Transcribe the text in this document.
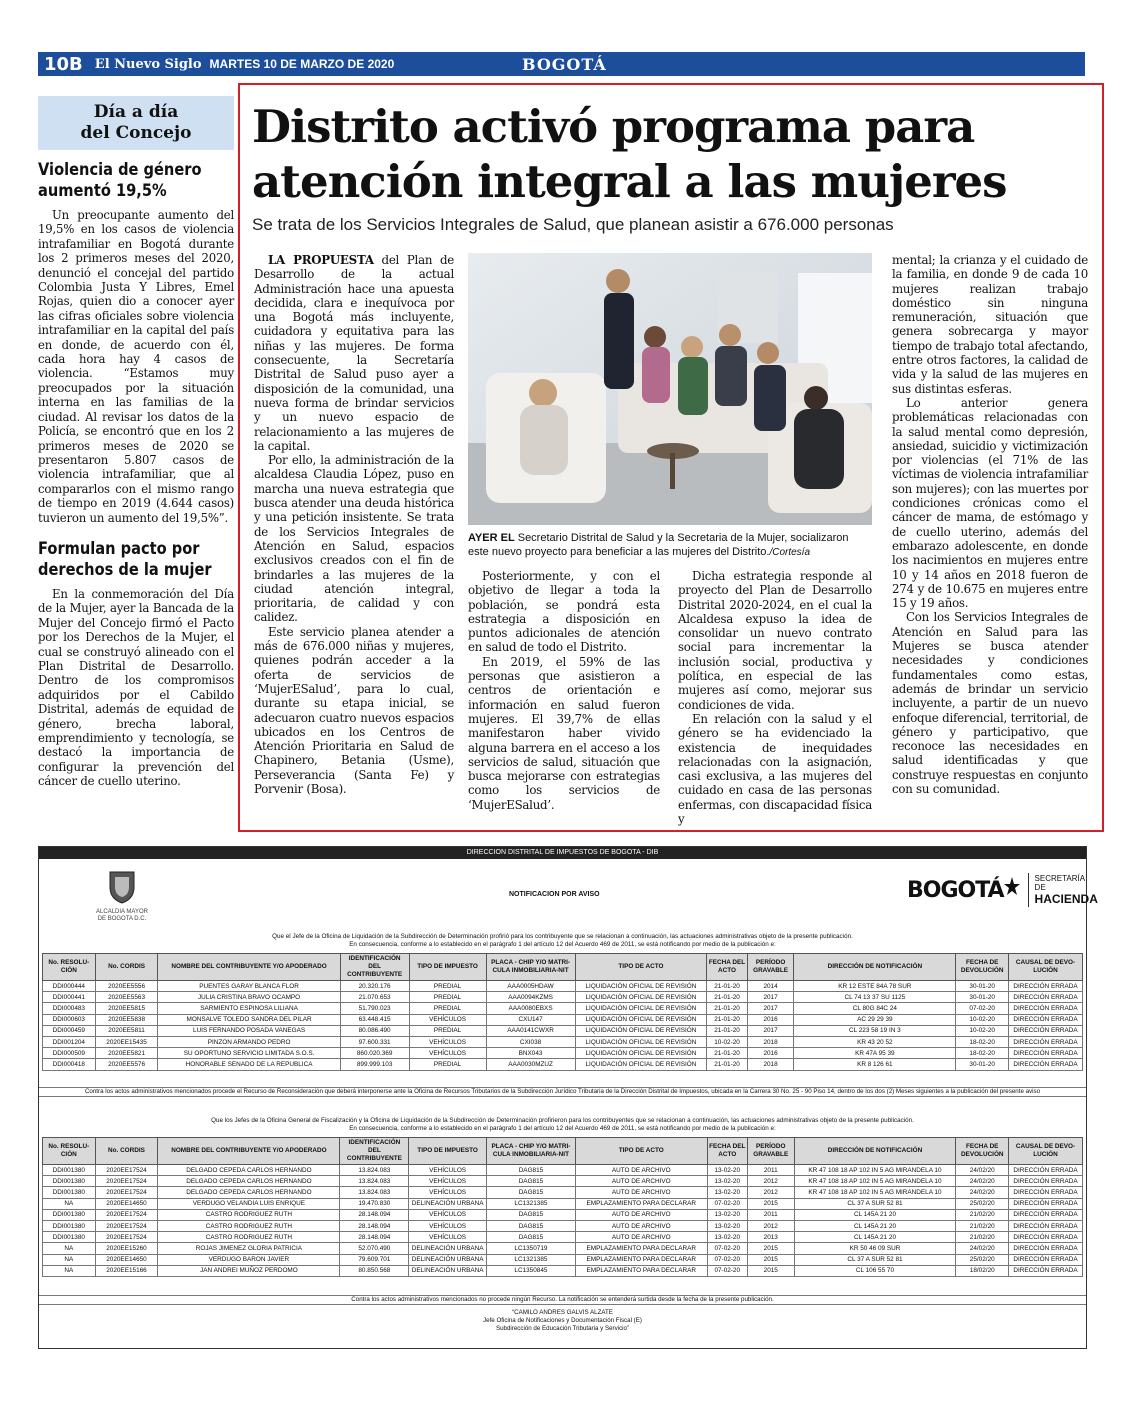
10B El Nuevo Siglo MARTES 10 DE MARZO DE 2020	BOGOTÁ
Día a día
del Concejo
Violencia de género aumentó 19,5%

Un preocupante aumento del 19,5% en los casos de violencia intrafamiliar en Bogotá durante los 2 primeros meses del 2020, denunció el concejal del partido Colombia Justa Y Libres, Emel Rojas, quien dio a conocer ayer las cifras oficiales sobre violencia intrafamiliar en la capital del país en donde, de acuerdo con él, cada hora hay 4 casos de violencia. “Estamos muy preocupados por la situación interna en las familias de la ciudad. Al revisar los datos de la Policía, se encontró que en los 2 primeros meses de 2020 se presentaron 5.807 casos de violencia intrafamiliar, que al compararlos con el mismo rango de tiempo en 2019 (4.644 casos) tuvieron un aumento del 19,5%”.

Formulan pacto por derechos de la mujer

En la conmemoración del Día de la Mujer, ayer la Bancada de la Mujer del Concejo firmó el Pacto por los Derechos de la Mujer, el cual se construyó alineado con el Plan Distrital de Desarrollo. Dentro de los compromisos adquiridos por el Cabildo Distrital, además de equidad de género, brecha laboral, emprendimiento y tecnología, se destacó la importancia de configurar la prevención del cáncer de cuello uterino.

Distrito activó programa para atención integral a las mujeres
Se trata de los Servicios Integrales de Salud, que planean asistir a 676.000 personas

LA PROPUESTA del Plan de Desarrollo de la actual Administración hace una apuesta decidida, clara e inequívoca por una Bogotá más incluyente, cuidadora y equitativa para las niñas y las mujeres. De forma consecuente, la Secretaría Distrital de Salud puso ayer a disposición de la comunidad, una nueva forma de brindar servicios y un nuevo espacio de relacionamiento a las mujeres de la capital.

Por ello, la administración de la alcaldesa Claudia López, puso en marcha una nueva estrategia que busca atender una deuda histórica y una petición insistente. Se trata de los Servicios Integrales de Atención en Salud, espacios exclusivos creados con el fin de brindarles a las mujeres de la ciudad atención integral, prioritaria, de calidad y con calidez.

Este servicio planea atender a más de 676.000 niñas y mujeres, quienes podrán acceder a la oferta de servicios de ‘MujerESalud’, para lo cual, durante su etapa inicial, se adecuaron cuatro nuevos espacios ubicados en los Centros de Atención Prioritaria en Salud de Chapinero, Betania (Usme), Perseverancia (Santa Fe) y Porvenir (Bosa).

AYER EL Secretario Distrital de Salud y la Secretaria de la Mujer, socializaron este nuevo proyecto para beneficiar a las mujeres del Distrito./Cortesía

Posteriormente, y con el objetivo de llegar a toda la población, se pondrá esta estrategia a disposición en puntos adicionales de atención en salud de todo el Distrito.

En 2019, el 59% de las personas que asistieron a centros de orientación e información en salud fueron mujeres. El 39,7% de ellas manifestaron haber vivido alguna barrera en el acceso a los servicios de salud, situación que busca mejorarse con estrategias como los servicios de ‘MujerESalud’.

Dicha estrategia responde al proyecto del Plan de Desarrollo Distrital 2020-2024, en el cual la Alcaldesa expuso la idea de consolidar un nuevo contrato social para incrementar la inclusión social, productiva y política, en especial de las mujeres así como, mejorar sus condiciones de vida.

En relación con la salud y el género se ha evidenciado la existencia de inequidades relacionadas con la asignación, casi exclusiva, a las mujeres del cuidado en casa de las personas enfermas, con discapacidad física y

mental; la crianza y el cuidado de la familia, en donde 9 de cada 10 mujeres realizan trabajo doméstico sin ninguna remuneración, situación que genera sobrecarga y mayor tiempo de trabajo total afectando, entre otros factores, la calidad de vida y la salud de las mujeres en sus distintas esferas.

Lo anterior genera problemáticas relacionadas con la salud mental como depresión, ansiedad, suicidio y victimización por violencias (el 71% de las víctimas de violencia intrafamiliar son mujeres); con las muertes por condiciones crónicas como el cáncer de mama, de estómago y de cuello uterino, además del embarazo adolescente, en donde los nacimientos en mujeres entre 10 y 14 años en 2018 fueron de 274 y de 10.675 en mujeres entre 15 y 19 años.

Con los Servicios Integrales de Atención en Salud para las Mujeres se busca atender necesidades y condiciones fundamentales como estas, además de brindar un servicio incluyente, a partir de un nuevo enfoque diferencial, territorial, de género y participativo, que reconoce las necesidades en salud identificadas y que construye respuestas en conjunto con su comunidad.

DIRECCION DISTRITAL DE IMPUESTOS DE BOGOTA - DIB
ALCALDIA MAYOR
DE BOGOTA D.C.
NOTIFICACION POR AVISO	BOGOTÁ	SECRETARÍA DE
HACIENDA
Que el Jefe de la Oficina de Liquidación de la Subdirección de Determinación profirió para los contribuyente que se relacionan a continuación, las actuaciones administrativas objeto de la presente publicación.
En consecuencia, conforme a lo establecido en el parágrafo 1 del artículo 12 del Acuerdo 469 de 2011, se está notificando por medio de la publicación e:
No. RESOLU-CIÓN	No. CORDIS	NOMBRE DEL CONTRIBUYENTE Y/O APODERADO	IDENTIFICACIÓN DEL CONTRIBUYENTE	TIPO DE IMPUESTO	PLACA - CHIP Y/O MATRI-CULA INMOBILIARIA-NIT	TIPO DE ACTO	FECHA DEL ACTO	PERÍODO GRAVABLE	DIRECCIÓN DE NOTIFICACIÓN	FECHA DE DEVOLUCIÓN	CAUSAL DE DEVO-LUCIÓN
DDI000444	2020EE5556	PUENTES GARAY BLANCA FLOR	20.320.176	PREDIAL	AAA0005HDAW	LIQUIDACIÓN OFICIAL DE REVISIÓN	21-01-20	2014	KR 12 ESTE 84A 78 SUR	30-01-20	DIRECCIÓN ERRADA
DDI000441	2020EE5563	JULIA CRISTINA BRAVO OCAMPO	21.070.653	PREDIAL	AAA0094KZMS	LIQUIDACIÓN OFICIAL DE REVISIÓN	21-01-20	2017	CL 74 13 37 SU 1125	30-01-20	DIRECCIÓN ERRADA
DDI000483	2020EE5815	SARMIENTO ESPINOSA LILIANA	51.790.023	PREDIAL	AAA0080EBXS	LIQUIDACIÓN OFICIAL DE REVISIÓN	21-01-20	2017	CL 80G 84C 24	07-02-20	DIRECCIÓN ERRADA
DDI000603	2020EE5838	MONSALVE TOLEDO SANDRA DEL PILAR	63.448.415	VEHÍCULOS	CXU147	LIQUIDACIÓN OFICIAL DE REVISIÓN	21-01-20	2016	AC 29 29 39	10-02-20	DIRECCIÓN ERRADA
DDI000459	2020EE5811	LUIS FERNANDO POSADA VANEGAS	80.086.490	PREDIAL	AAA0141CWXR	LIQUIDACIÓN OFICIAL DE REVISIÓN	21-01-20	2017	CL 223 58 19 IN 3	10-02-20	DIRECCIÓN ERRADA
DDI001204	2020EE15435	PINZON ARMANDO PEDRO	97.600.331	VEHÍCULOS	CXI038	LIQUIDACIÓN OFICIAL DE REVISIÓN	10-02-20	2018	KR 43 20 52	18-02-20	DIRECCIÓN ERRADA
DDI000509	2020EE5821	SU OPORTUNO SERVICIO LIMITADA S.O.S.	860.020.369	VEHÍCULOS	BNX043	LIQUIDACIÓN OFICIAL DE REVISIÓN	21-01-20	2016	KR 47A 95 39	18-02-20	DIRECCIÓN ERRADA
DDI000418	2020EE5576	HONORABLE SENADO DE LA REPUBLICA	899.999.103	PREDIAL	AAA0030MZUZ	LIQUIDACIÓN OFICIAL DE REVISIÓN	21-01-20	2018	KR 8 126 61	30-01-20	DIRECCIÓN ERRADA
Contra los actos administrativos mencionados procede el Recurso de Reconsideración que deberá interponerse ante la Oficina de Recursos Tributarios de la Subdirección Jurídico Tributaria de la Dirección Distrital de Impuestos, ubicada en la Carrera 30 No. 25 - 90 Piso 14, dentro de los dos (2) Meses siguientes a la publicación del presente aviso
Que los Jefes de la Oficina General de Fiscalización y la Oficina de Liquidación de la Subdirección de Determinación profirieron para los contribuyentes que se relacionan a continuación, las actuaciones administrativas objeto de la presente publicación.
En consecuencia, conforme a lo establecido en el parágrafo 1 del artículo 12 del Acuerdo 469 de 2011, se está notificando por medio de la publicación e:
No. RESOLU-CIÓN	No. CORDIS	NOMBRE DEL CONTRIBUYENTE Y/O APODERADO	IDENTIFICACIÓN DEL CONTRIBUYENTE	TIPO DE IMPUESTO	PLACA - CHIP Y/O MATRI-CULA INMOBILIARIA-NIT	TIPO DE ACTO	FECHA DEL ACTO	PERÍODO GRAVABLE	DIRECCIÓN DE NOTIFICACIÓN	FECHA DE DEVOLUCIÓN	CAUSAL DE DEVO-LUCIÓN
DDI001380	2020EE17524	DELGADO CEPEDA CARLOS HERNANDO	13.824.083	VEHÍCULOS	DAG815	AUTO DE ARCHIVO	13-02-20	2011	KR 47 108 18 AP 102 IN 5 AG MIRANDELA 10	24/02/20	DIRECCIÓN ERRADA
DDI001380	2020EE17524	DELGADO CEPEDA CARLOS HERNANDO	13.824.083	VEHÍCULOS	DAG815	AUTO DE ARCHIVO	13-02-20	2012	KR 47 108 18 AP 102 IN 5 AG MIRANDELA 10	24/02/20	DIRECCIÓN ERRADA
DDI001380	2020EE17524	DELGADO CEPEDA CARLOS HERNANDO	13.824.083	VEHÍCULOS	DAG815	AUTO DE ARCHIVO	13-02-20	2012	KR 47 108 18 AP 102 IN 5 AG MIRANDELA 10	24/02/20	DIRECCIÓN ERRADA
NA	2020EE14650	VERDUGO VELANDIA LUIS ENRIQUE	19.470.830	DELINEACIÓN URBANA	LC1321385	EMPLAZAMIENTO PARA DECLARAR	07-02-20	2015	CL 37 A SUR 52 81	25/02/20	DIRECCIÓN ERRADA
DDI001380	2020EE17524	CASTRO RODRIGUEZ RUTH	28.148.094	VEHÍCULOS	DAG815	AUTO DE ARCHIVO	13-02-20	2011	CL 145A 21 20	21/02/20	DIRECCIÓN ERRADA
DDI001380	2020EE17524	CASTRO RODRIGUEZ RUTH	28.148.094	VEHÍCULOS	DAG815	AUTO DE ARCHIVO	13-02-20	2012	CL 145A 21 20	21/02/20	DIRECCIÓN ERRADA
DDI001380	2020EE17524	CASTRO RODRIGUEZ RUTH	28.148.094	VEHÍCULOS	DAG815	AUTO DE ARCHIVO	13-02-20	2013	CL 145A 21 20	21/02/20	DIRECCIÓN ERRADA
NA	2020EE15260	ROJAS JIMENEZ GLORIA PATRICIA	52.070.490	DELINEACIÓN URBANA	LC1350719	EMPLAZAMIENTO PARA DECLARAR	07-02-20	2015	KR 50 46 09 SUR	24/02/20	DIRECCIÓN ERRADA
NA	2020EE14650	VERDUGO BARON JAVIER	79.609.701	DELINEACIÓN URBANA	LC1321385	EMPLAZAMIENTO PARA DECLARAR	07-02-20	2015	CL 37 A SUR 52 81	25/02/20	DIRECCIÓN ERRADA
NA	2020EE15166	JAN ANDREI MUÑOZ PERDOMO	80.850.568	DELINEACIÓN URBANA	LC1350845	EMPLAZAMIENTO PARA DECLARAR	07-02-20	2015	CL 106 55 70	18/02/20	DIRECCIÓN ERRADA
Contra los actos administrativos mencionados no procede ningún Recurso. La notificación se entenderá surtida desde la fecha de la presente publicación.
“CAMILO ANDRES GALVIS ALZATE
Jefe Oficina de Notificaciones y Documentación Fiscal (E)
Subdirección de Educación Tributaria y Servicio”
